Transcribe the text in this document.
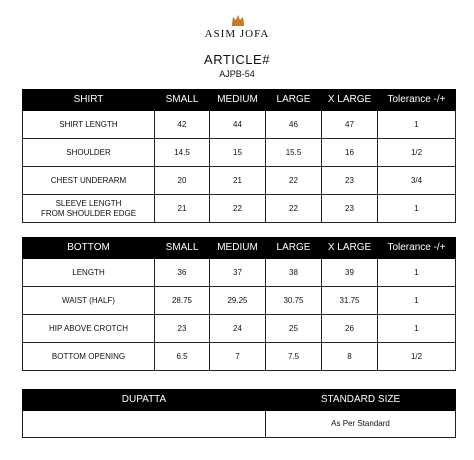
ASIM JOFA
ARTICLE#
AJPB-54
SHIRT	SMALL	MEDIUM	LARGE	X LARGE	Tolerance -/+
SHIRT LENGTH	42	44	46	47	1
SHOULDER	14.5	15	15.5	16	1/2
CHEST UNDERARM	20	21	22	23	3/4
SLEEVE LENGTH
FROM SHOULDER EDGE	21	22	22	23	1
BOTTOM	SMALL	MEDIUM	LARGE	X LARGE	Tolerance -/+
LENGTH	36	37	38	39	1
WAIST (HALF)	28.75	29.25	30.75	31.75	1
HIP ABOVE CROTCH	23	24	25	26	1
BOTTOM OPENING	6.5	7	7.5	8	1/2
DUPATTA	STANDARD SIZE
	As Per Standard
